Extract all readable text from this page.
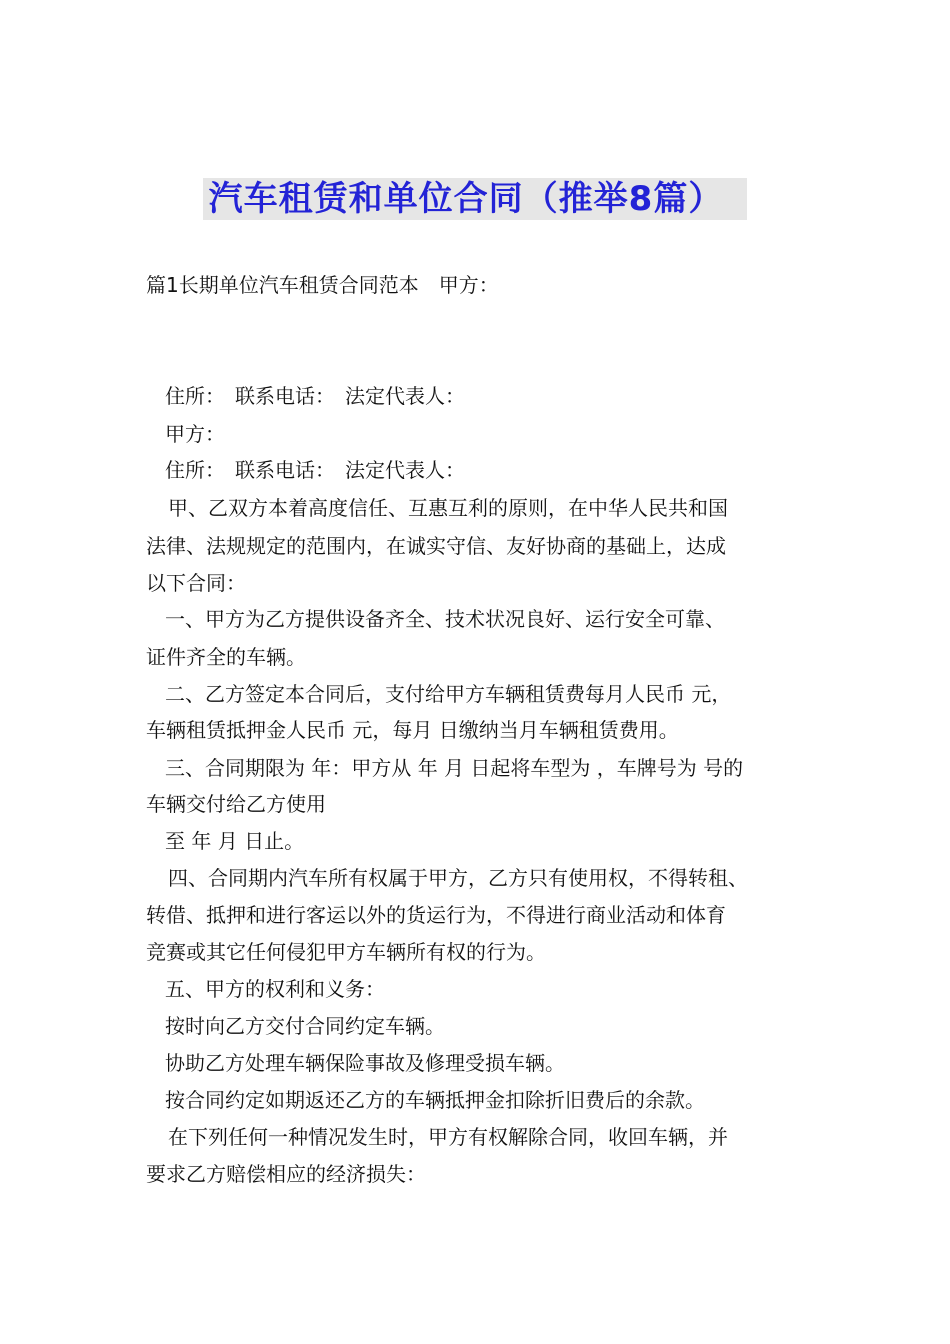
汽车租赁和单位合同（推举8篇）
篇1长期单位汽车租赁合同范本　甲方：
住所：　联系电话：　法定代表人：
甲方：
住所：　联系电话：　法定代表人：
甲、乙双方本着高度信任、互惠互利的原则，在中华人民共和国
法律、法规规定的范围内，在诚实守信、友好协商的基础上，达成
以下合同：
一、甲方为乙方提供设备齐全、技术状况良好、运行安全可靠、
证件齐全的车辆。
二、乙方签定本合同后，支付给甲方车辆租赁费每月人民币 元，
车辆租赁抵押金人民币 元，每月 日缴纳当月车辆租赁费用。
三、合同期限为 年：甲方从 年 月 日起将车型为 ，车牌号为 号的
车辆交付给乙方使用
至 年 月 日止。
四、合同期内汽车所有权属于甲方，乙方只有使用权，不得转租、
转借、抵押和进行客运以外的货运行为，不得进行商业活动和体育
竞赛或其它任何侵犯甲方车辆所有权的行为。
五、甲方的权利和义务：
按时向乙方交付合同约定车辆。
协助乙方处理车辆保险事故及修理受损车辆。
按合同约定如期返还乙方的车辆抵押金扣除折旧费后的余款。
在下列任何一种情况发生时，甲方有权解除合同，收回车辆，并
要求乙方赔偿相应的经济损失：
